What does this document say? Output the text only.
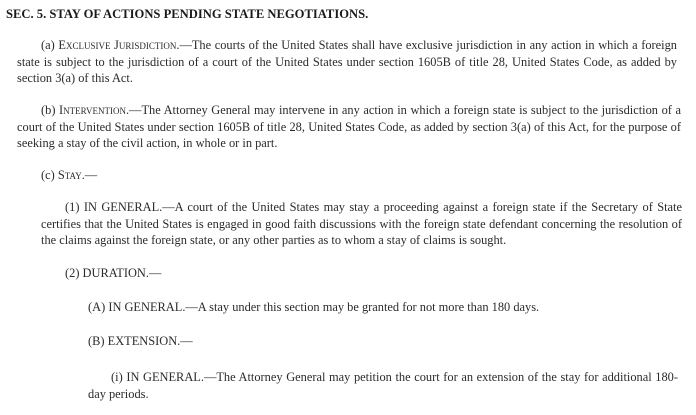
SEC. 5. STAY OF ACTIONS PENDING STATE NEGOTIATIONS.
(a) Exclusive Jurisdiction.—The courts of the United States shall have exclusive jurisdiction in any action in which a foreign state is subject to the jurisdiction of a court of the United States under section 1605B of title 28, United States Code, as added by section 3(a) of this Act.
(b) Intervention.—The Attorney General may intervene in any action in which a foreign state is subject to the jurisdiction of a court of the United States under section 1605B of title 28, United States Code, as added by section 3(a) of this Act, for the purpose of seeking a stay of the civil action, in whole or in part.
(c) Stay.—
(1) IN GENERAL.—A court of the United States may stay a proceeding against a foreign state if the Secretary of State certifies that the United States is engaged in good faith discussions with the foreign state defendant concerning the resolution of the claims against the foreign state, or any other parties as to whom a stay of claims is sought.
(2) DURATION.—
(A) IN GENERAL.—A stay under this section may be granted for not more than 180 days.
(B) EXTENSION.—
(i) IN GENERAL.—The Attorney General may petition the court for an extension of the stay for additional 180-day periods.
